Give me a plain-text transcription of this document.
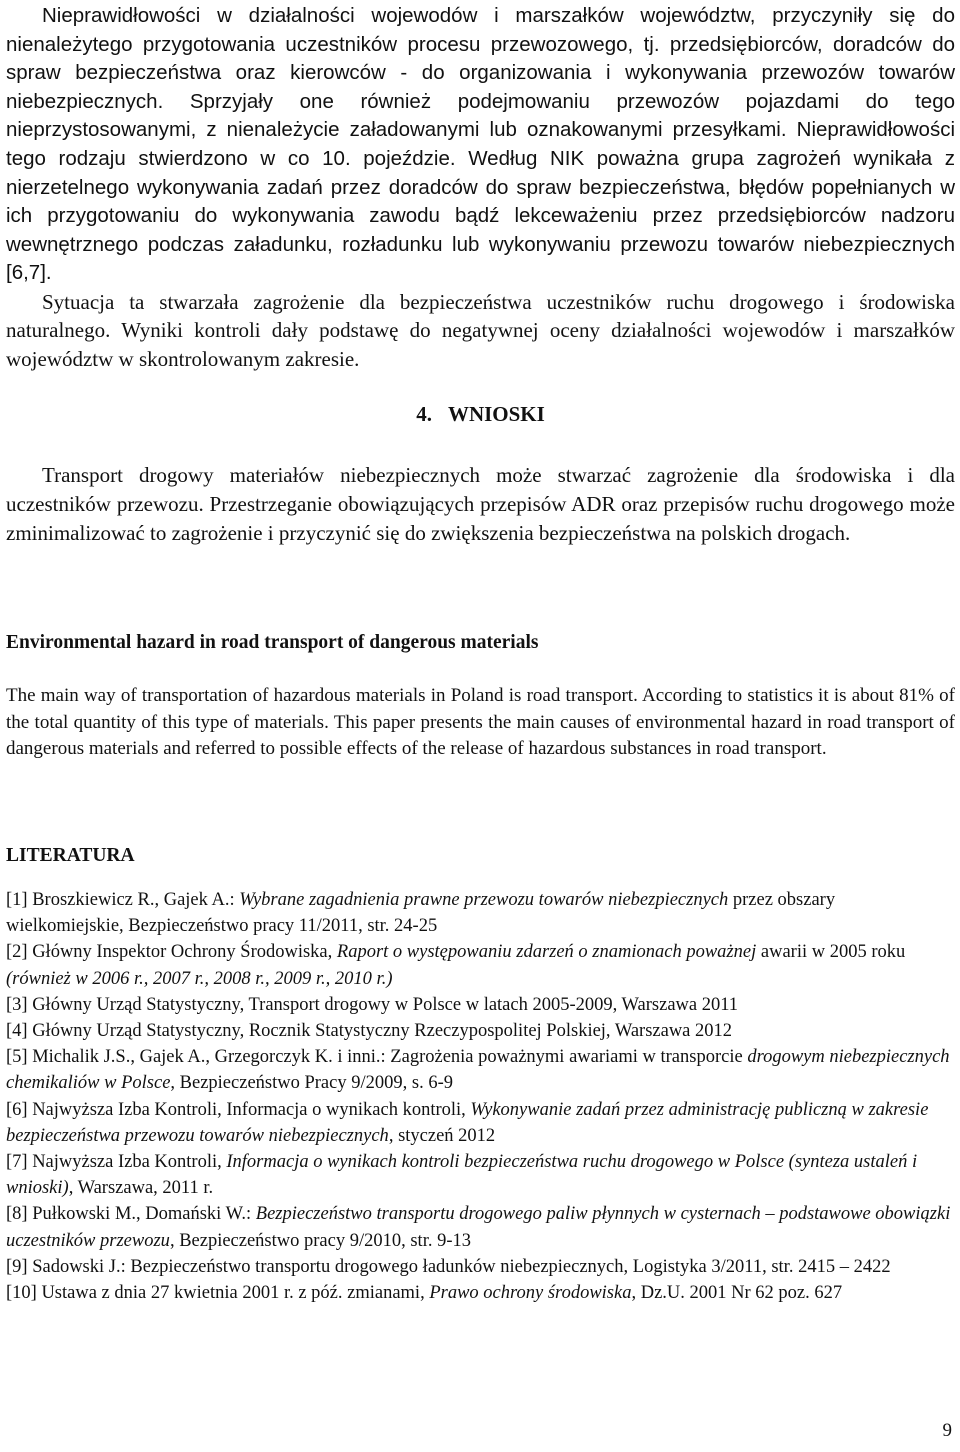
Nieprawidłowości w działalności wojewodów i marszałków województw, przyczyniły się do nienależytego przygotowania uczestników procesu przewozowego, tj. przedsiębiorców, doradców do spraw bezpieczeństwa oraz kierowców - do organizowania i wykonywania przewozów towarów niebezpiecznych. Sprzyjały one również podejmowaniu przewozów pojazdami do tego nieprzystosowanymi, z nienależycie załadowanymi lub oznakowanymi przesyłkami. Nieprawidłowości tego rodzaju stwierdzono w co 10. pojeździe. Według NIK poważna grupa zagrożeń wynikała z nierzetelnego wykonywania zadań przez doradców do spraw bezpieczeństwa, błędów popełnianych w ich przygotowaniu do wykonywania zawodu bądź lekceważeniu przez przedsiębiorców nadzoru wewnętrznego podczas załadunku, rozładunku lub wykonywaniu przewozu towarów niebezpiecznych [6,7].

Sytuacja ta stwarzała zagrożenie dla bezpieczeństwa uczestników ruchu drogowego i środowiska naturalnego. Wyniki kontroli dały podstawę do negatywnej oceny działalności wojewodów i marszałków województw w skontrolowanym zakresie.

4. WNIOSKI

Transport drogowy materiałów niebezpiecznych może stwarzać zagrożenie dla środowiska i dla uczestników przewozu. Przestrzeganie obowiązujących przepisów ADR oraz przepisów ruchu drogowego może zminimalizować to zagrożenie i przyczynić się do zwiększenia bezpieczeństwa na polskich drogach.

Environmental hazard in road transport of dangerous materials

The main way of transportation of hazardous materials in Poland is road transport. According to statistics it is about 81% of the total quantity of this type of materials. This paper presents the main causes of environmental hazard in road transport of dangerous materials and referred to possible effects of the release of hazardous substances in road transport.

LITERATURA
[1] Broszkiewicz R., Gajek A.: Wybrane zagadnienia prawne przewozu towarów niebezpiecznych przez obszary wielkomiejskie, Bezpieczeństwo pracy 11/2011, str. 24-25
[2] Główny Inspektor Ochrony Środowiska, Raport o występowaniu zdarzeń o znamionach poważnej awarii w 2005 roku (również w 2006 r., 2007 r., 2008 r., 2009 r., 2010 r.)
[3] Główny Urząd Statystyczny, Transport drogowy w Polsce w latach 2005-2009, Warszawa 2011
[4] Główny Urząd Statystyczny, Rocznik Statystyczny Rzeczypospolitej Polskiej, Warszawa 2012
[5] Michalik J.S., Gajek A., Grzegorczyk K. i inni.: Zagrożenia poważnymi awariami w transporcie drogowym niebezpiecznych chemikaliów w Polsce, Bezpieczeństwo Pracy 9/2009, s. 6-9
[6] Najwyższa Izba Kontroli, Informacja o wynikach kontroli, Wykonywanie zadań przez administrację publiczną w zakresie bezpieczeństwa przewozu towarów niebezpiecznych, styczeń 2012
[7] Najwyższa Izba Kontroli, Informacja o wynikach kontroli bezpieczeństwa ruchu drogowego w Polsce (synteza ustaleń i wnioski), Warszawa, 2011 r.
[8] Pułkowski M., Domański W.: Bezpieczeństwo transportu drogowego paliw płynnych w cysternach – podstawowe obowiązki uczestników przewozu, Bezpieczeństwo pracy 9/2010, str. 9-13
[9] Sadowski J.: Bezpieczeństwo transportu drogowego ładunków niebezpiecznych, Logistyka 3/2011, str. 2415 – 2422
[10] Ustawa z dnia 27 kwietnia 2001 r. z póź. zmianami, Prawo ochrony środowiska, Dz.U. 2001 Nr 62 poz. 627
9
